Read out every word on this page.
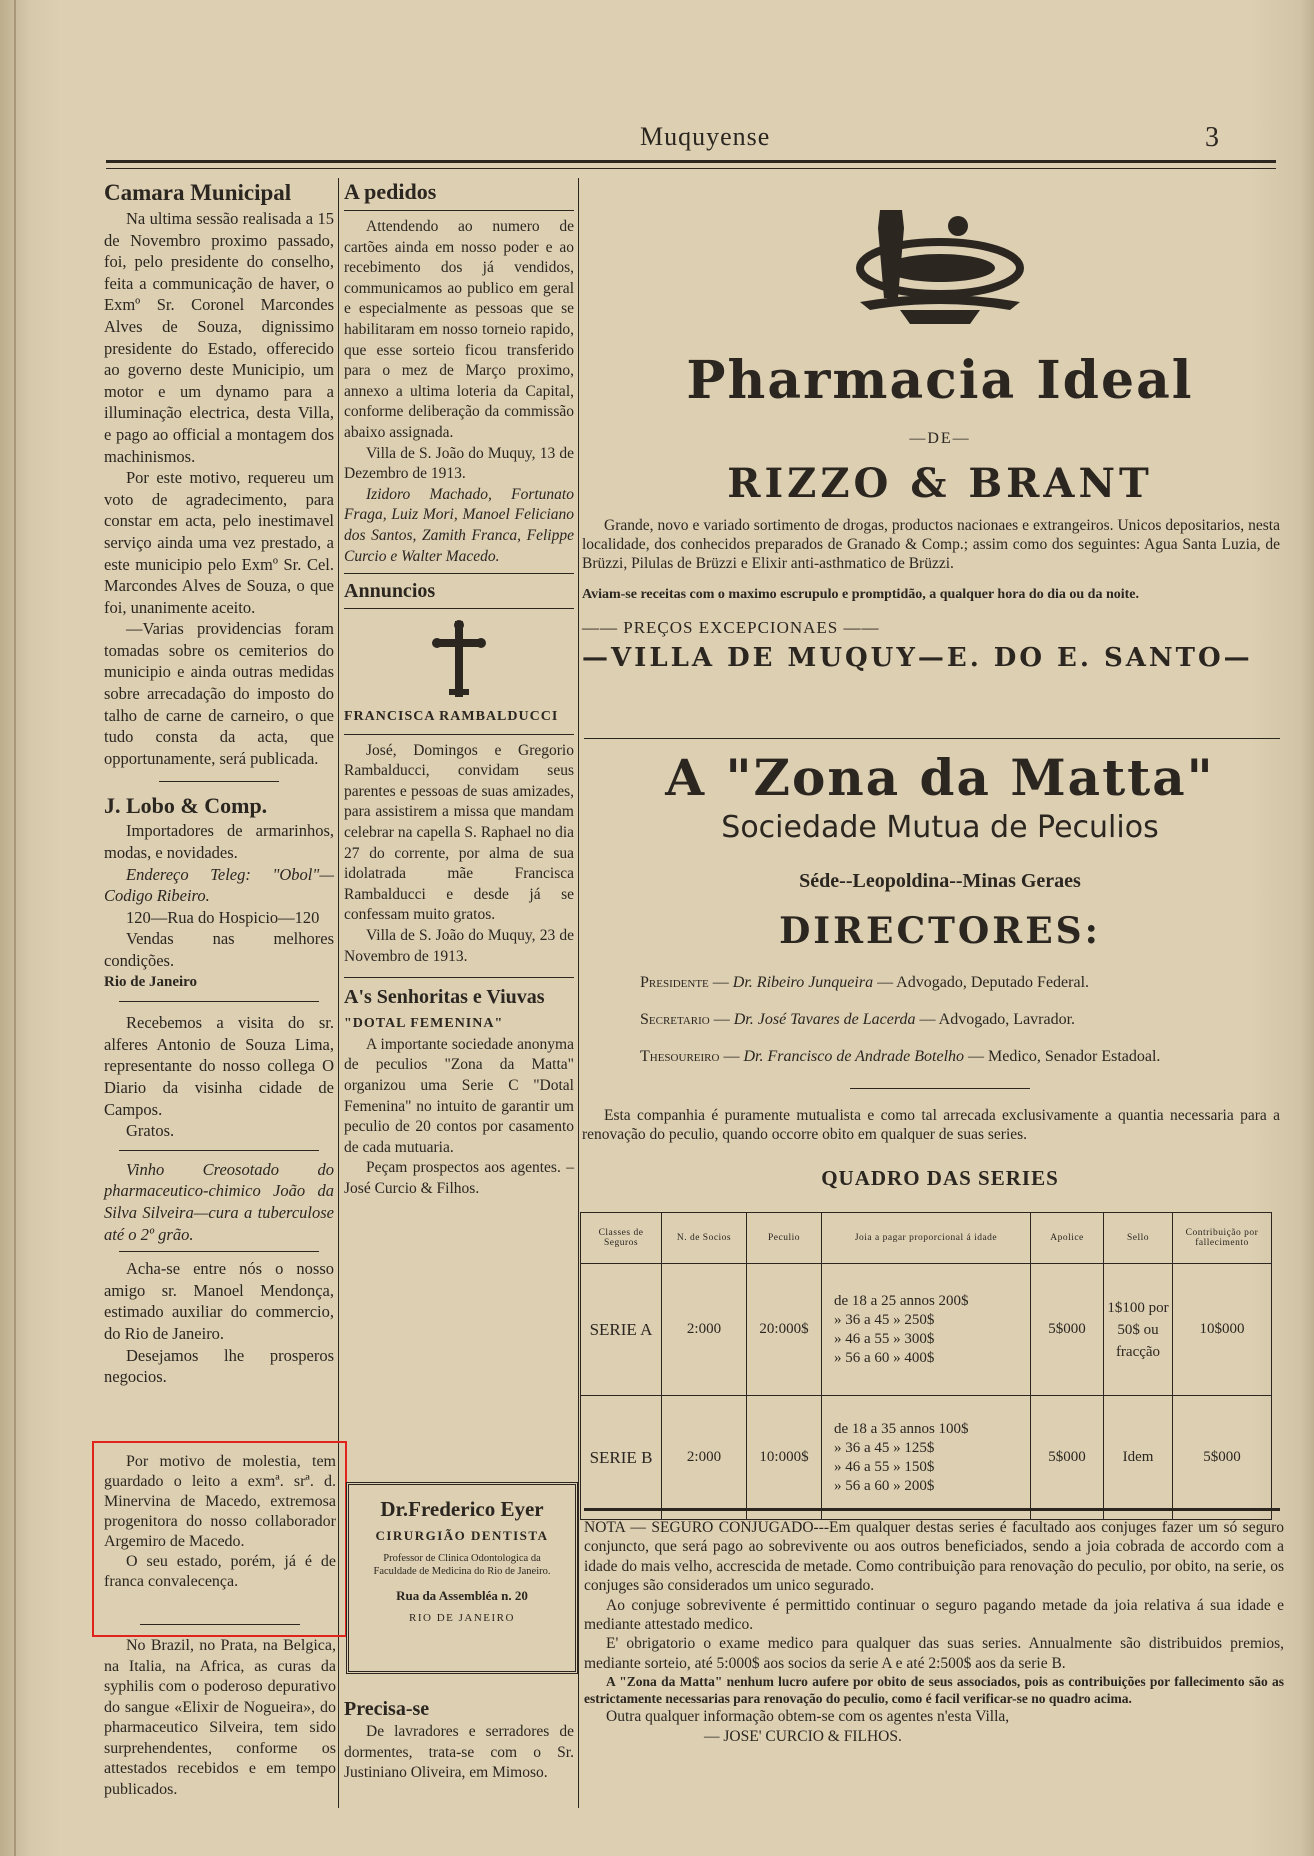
Muquyense	3

Camara Municipal

Na ultima sessão realisada a 15 de Novembro proximo passado, foi, pelo presidente do conselho, feita a communicação de haver, o Exmº Sr. Coronel Marcondes Alves de Souza, dignissimo presidente do Estado, offerecido ao governo deste Municipio, um motor e um dynamo para a illuminação electrica, desta Villa, e pago ao official a montagem dos machinismos.

Por este motivo, requereu um voto de agradecimento, para constar em acta, pelo inestimavel serviço ainda uma vez prestado, a este municipio pelo Exmº Sr. Cel. Marcondes Alves de Souza, o que foi, unanimente aceito.

—Varias providencias foram tomadas sobre os cemiterios do municipio e ainda outras medidas sobre arrecadação do imposto do talho de carne de carneiro, o que tudo consta da acta, que opportunamente, será publicada.

J. Lobo & Comp.

Importadores de armarinhos, modas, e novidades.

Endereço Teleg: "Obol"—Codigo Ribeiro.

120—Rua do Hospicio—120

Vendas nas melhores condições.

Rio de Janeiro

Recebemos a visita do sr. alferes Antonio de Souza Lima, representante do nosso collega O Diario da visinha cidade de Campos.

Gratos.

Vinho Creosotado do pharmaceutico-chimico João da Silva Silveira—cura a tuberculose até o 2º grão.

Acha-se entre nós o nosso amigo sr. Manoel Mendonça, estimado auxiliar do commercio, do Rio de Janeiro.

Desejamos lhe prosperos negocios.

Por motivo de molestia, tem guardado o leito a exmª. srª. d. Minervina de Macedo, extremosa progenitora do nosso collaborador Argemiro de Macedo.

O seu estado, porém, já é de franca convalecença.

No Brazil, no Prata, na Belgica, na Italia, na Africa, as curas da syphilis com o poderoso depurativo do sangue «Elixir de Nogueira», do pharmaceutico Silveira, tem sido surprehendentes, conforme os attestados recebidos e em tempo publicados.

A pedidos

Attendendo ao numero de cartões ainda em nosso poder e ao recebimento dos já vendidos, communicamos ao publico em geral e especialmente as pessoas que se habilitaram em nosso torneio rapido, que esse sorteio ficou transferido para o mez de Março proximo, annexo a ultima loteria da Capital, conforme deliberação da commissão abaixo assignada.

Villa de S. João do Muquy, 13 de Dezembro de 1913.

Izidoro Machado, Fortunato Fraga, Luiz Mori, Manoel Feliciano dos Santos, Zamith Franca, Felippe Curcio e Walter Macedo.

Annuncios

FRANCISCA RAMBALDUCCI

José, Domingos e Gregorio Rambalducci, convidam seus parentes e pessoas de suas amizades, para assistirem a missa que mandam celebrar na capella S. Raphael no dia 27 do corrente, por alma de sua idolatrada mãe Francisca Rambalducci e desde já se confessam muito gratos.

Villa de S. João do Muquy, 23 de Novembro de 1913.

A's Senhoritas e Viuvas

"DOTAL FEMENINA"

A importante sociedade anonyma de peculios "Zona da Matta" organizou uma Serie C "Dotal Femenina" no intuito de garantir um peculio de 20 contos por casamento de cada mutuaria.

Peçam prospectos aos agentes. – José Curcio & Filhos.

Dr.Frederico Eyer
CIRURGIÃO DENTISTA
Professor de Clinica Odontologica da Faculdade de Medicina do Rio de Janeiro.
Rua da Assembléa n. 20
RIO DE JANEIRO

Precisa-se

De lavradores e serradores de dormentes, trata-se com o Sr. Justiniano Oliveira, em Mimoso.

Pharmacia Ideal
—DE—
RIZZO & BRANT

Grande, novo e variado sortimento de drogas, productos nacionaes e extrangeiros. Unicos depositarios, nesta localidade, dos conhecidos preparados de Granado & Comp.; assim como dos seguintes: Agua Santa Luzia, de Brüzzi, Pilulas de Brüzzi e Elixir anti-asthmatico de Brüzzi.

Aviam-se receitas com o maximo escrupulo e promptidão, a qualquer hora do dia ou da noite.

—— PREÇOS EXCEPCIONAES ——

—VILLA DE MUQUY—E. DO E. SANTO—

A "Zona da Matta"
Sociedade Mutua de Peculios
Séde--Leopoldina--Minas Geraes
DIRECTORES:
Presidente — Dr. Ribeiro Junqueira — Advogado, Deputado Federal.
Secretario — Dr. José Tavares de Lacerda — Advogado, Lavrador.
Thesoureiro — Dr. Francisco de Andrade Botelho — Medico, Senador Estadoal.

Esta companhia é puramente mutualista e como tal arrecada exclusivamente a quantia necessaria para a renovação do peculio, quando occorre obito em qualquer de suas series.

QUADRO DAS SERIES
Classes de Seguros	N. de Socios	Peculio	Joia a pagar proporcional á idade	Apolice	Sello	Contribuição por fallecimento
SERIE A	2:000	20:000$	de 18 a 25 annos 200$
» 36 a 45 » 250$
» 46 a 55 » 300$
» 56 a 60 » 400$	5$000	1$100 por 50$ ou fracção	10$000
SERIE B	2:000	10:000$	de 18 a 35 annos 100$
» 36 a 45 » 125$
» 46 a 55 » 150$
» 56 a 60 » 200$	5$000	Idem	5$000

NOTA — SEGURO CONJUGADO---Em qualquer destas series é facultado aos conjuges fazer um só seguro conjuncto, que será pago ao sobrevivente ou aos outros beneficiados, sendo a joia cobrada de accordo com a idade do mais velho, accrescida de metade. Como contribuição para renovação do peculio, por obito, na serie, os conjuges são considerados um unico segurado.

Ao conjuge sobrevivente é permittido continuar o seguro pagando metade da joia relativa á sua idade e mediante attestado medico.

E' obrigatorio o exame medico para qualquer das suas series. Annualmente são distribuidos premios, mediante sorteio, até 5:000$ aos socios da serie A e até 2:500$ aos da serie B.

A "Zona da Matta" nenhum lucro aufere por obito de seus associados, pois as contribuições por fallecimento são as estrictamente necessarias para renovação do peculio, como é facil verificar-se no quadro acima.

Outra qualquer informação obtem-se com os agentes n'esta Villa,

— JOSE' CURCIO & FILHOS.
